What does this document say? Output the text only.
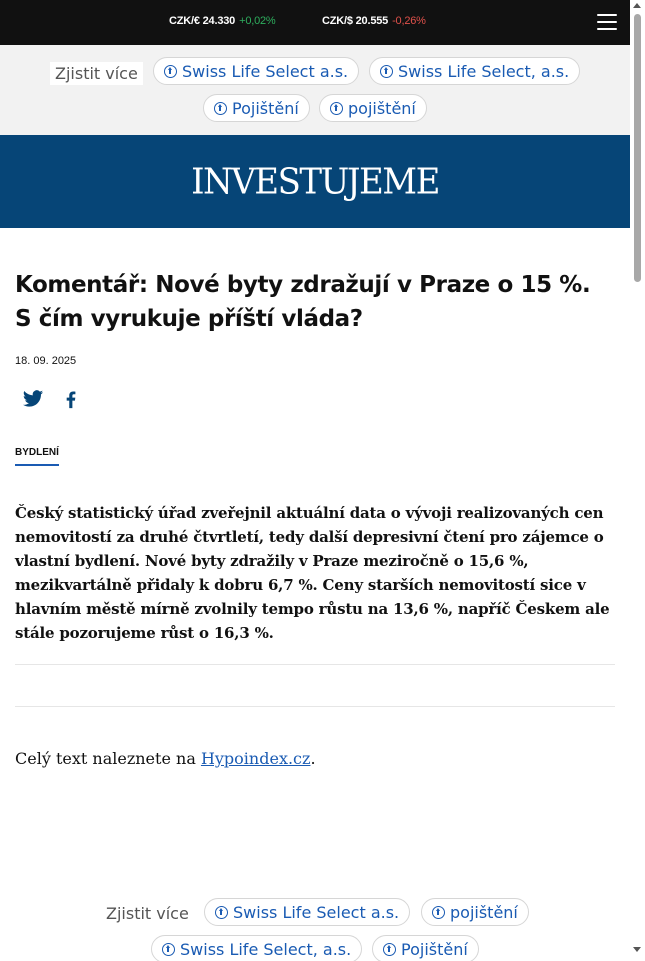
CZK/€ 24.330 +0,02%	CZK/$ 20.555 -0,26%
Zjistit více	Swiss Life Select a.s.	Swiss Life Select, a.s.
Pojištění	pojištění
INVESTUJEME
Komentář: Nové byty zdražují v Praze o 15 %. S čím vyrukuje příští vláda?
18. 09. 2025
BYDLENÍ

Český statistický úřad zveřejnil aktuální data o vývoji realizovaných cen nemovitostí za druhé čtvrtletí, tedy další depresivní čtení pro zájemce o vlastní bydlení. Nové byty zdražily v Praze meziročně o 15,6 %, mezikvartálně přidaly k dobru 6,7 %. Ceny starších nemovitostí sice v hlavním městě mírně zvolnily tempo růstu na 13,6 %, napříč Českem ale stále pozorujeme růst o 16,3 %.

Celý text naleznete na Hypoindex.cz.

Zjistit více	Swiss Life Select a.s.	pojištění
Swiss Life Select, a.s.	Pojištění
